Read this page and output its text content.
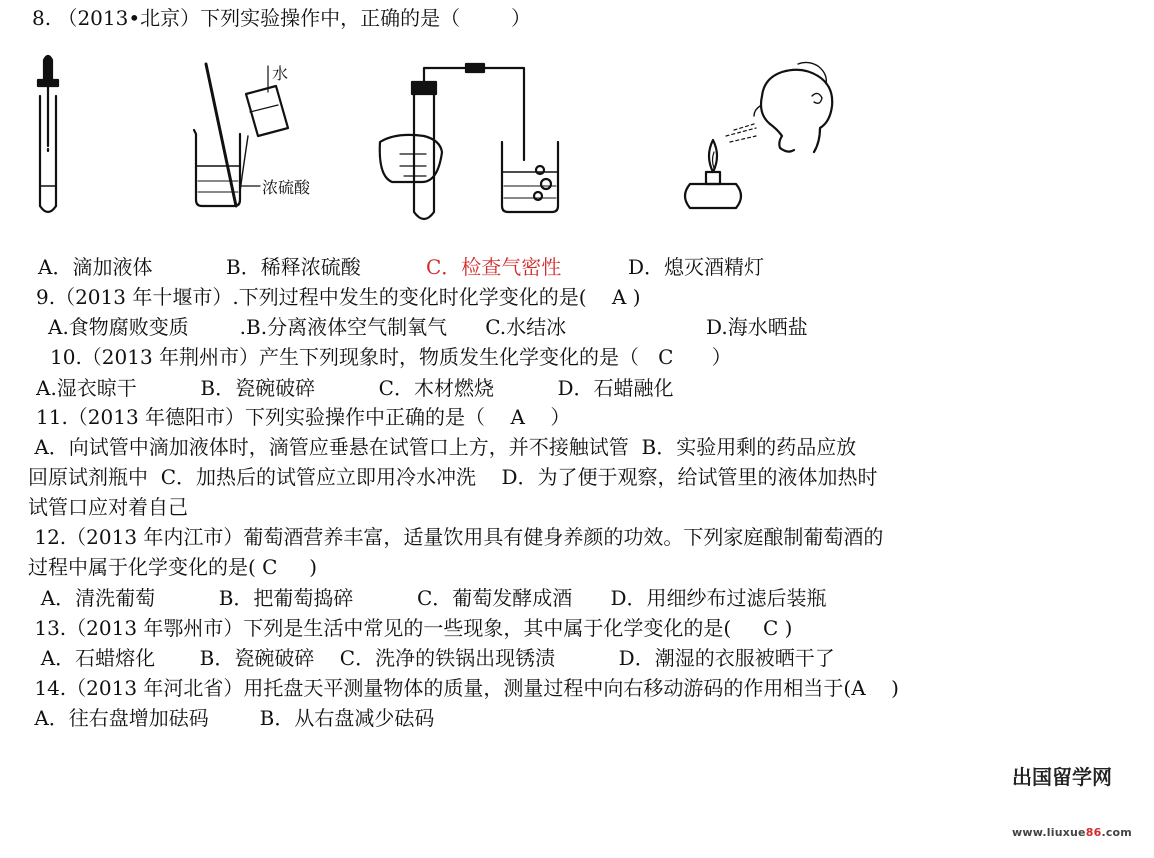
8. （2013•北京）下列实验操作中，正确的是（        ）
水
浓硫酸
A．滴加液体	B．稀释浓硫酸	C．检查气密性	D．熄灭酒精灯
9.（2013 年十堰市）.下列过程中发生的变化时化学变化的是(    A )
A.食物腐败变质        .B.分离液体空气制氧气      C.水结冰                      D.海水晒盐
10.（2013 年荆州市）产生下列现象时，物质发生化学变化的是（   C      ）
A.湿衣晾干          B．瓷碗破碎          C．木材燃烧          D．石蜡融化
11.（2013 年德阳市）下列实验操作中正确的是（    A    ）
A．向试管中滴加液体时，滴管应垂悬在试管口上方，并不接触试管  B．实验用剩的药品应放
回原试剂瓶中  C．加热后的试管应立即用冷水冲洗    D．为了便于观察，给试管里的液体加热时
试管口应对着自己
12.（2013 年内江市）葡萄酒营养丰富，适量饮用具有健身养颜的功效。下列家庭酿制葡萄酒的
过程中属于化学变化的是( C     )
A．清洗葡萄          B．把葡萄捣碎          C．葡萄发酵成酒      D．用细纱布过滤后装瓶
13.（2013 年鄂州市）下列是生活中常见的一些现象，其中属于化学变化的是(     C )
A．石蜡熔化       B．瓷碗破碎    C．洗净的铁锅出现锈渍          D．潮湿的衣服被晒干了
14.（2013 年河北省）用托盘天平测量物体的质量，测量过程中向右移动游码的作用相当于(A    )
A．往右盘增加砝码        B．从右盘减少砝码

出国留学网

www.liuxue86.com
